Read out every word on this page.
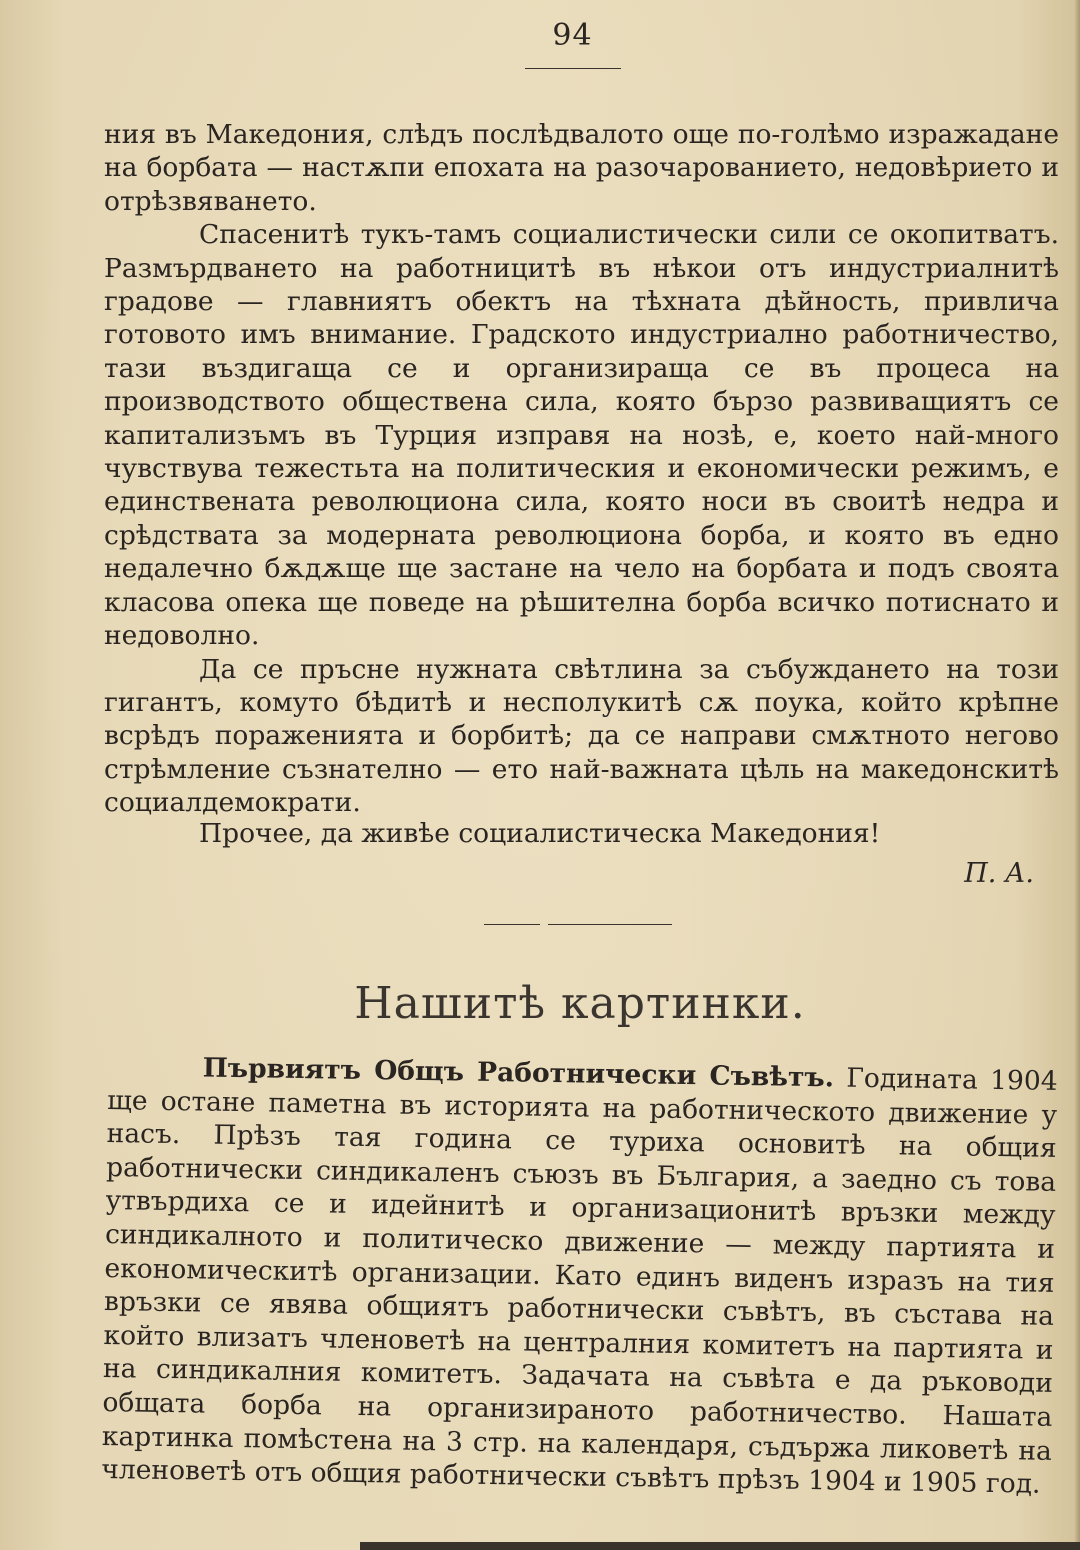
94

ния въ Македония, слѣдъ послѣдвалото още по-голѣмо изражадане на борбата — настѫпи епохата на разочарованието, недовѣрието и отрѣзвяването.

Спасенитѣ тукъ-тамъ социалистически сили се окопитватъ. Размърдването на работницитѣ въ нѣкои отъ индустриалнитѣ градове — главниятъ обектъ на тѣхната дѣйность, привлича готовото имъ внимание. Градското индустриално работничество, тази въздигаща се и организираща се въ процеса на производството обществена сила, която бързо развиващиятъ се капитализъмъ въ Турция изправя на нозѣ, е, което най-много чувствува тежестьта на политическия и економически режимъ, е единствената революциона сила, която носи въ своитѣ недра и срѣдствата за модерната революциона борба, и която въ едно недалечно бѫдѫще ще застане на чело на борбата и подъ своята класова опека ще поведе на рѣшителна борба всичко потиснато и недоволно.

Да се пръсне нужната свѣтлина за събуждането на този гигантъ, комуто бѣдитѣ и несполукитѣ сѫ поука, който крѣпне всрѣдъ пораженията и борбитѣ; да се направи смѫтното негово стрѣмление съзнателно — ето най-важната цѣль на македонскитѣ социалдемократи.

Прочее, да живѣе социалистическа Македония!
П. А.
Нашитѣ картинки.

Първиятъ Общъ Работнически Съвѣтъ. Годината 1904 ще остане паметна въ историята на работническото движение у насъ. Прѣзъ тая година се туриха основитѣ на общия работнически синдикаленъ съюзъ въ България, а заедно съ това утвърдиха се и идейнитѣ и организационитѣ връзки между синдикалното и политическо движение — между партията и економическитѣ организации. Като единъ виденъ изразъ на тия връзки се явява общиятъ работнически съвѣтъ, въ състава на който влизатъ членоветѣ на централния комитетъ на партията и на синдикалния комитетъ. Задачата на съвѣта е да ръководи общата борба на организираното работничество. Нашата картинка помѣстена на 3 стр. на календаря, съдържа ликоветѣ на членоветѣ отъ общия работнически съвѣтъ прѣзъ 1904 и 1905 год.
